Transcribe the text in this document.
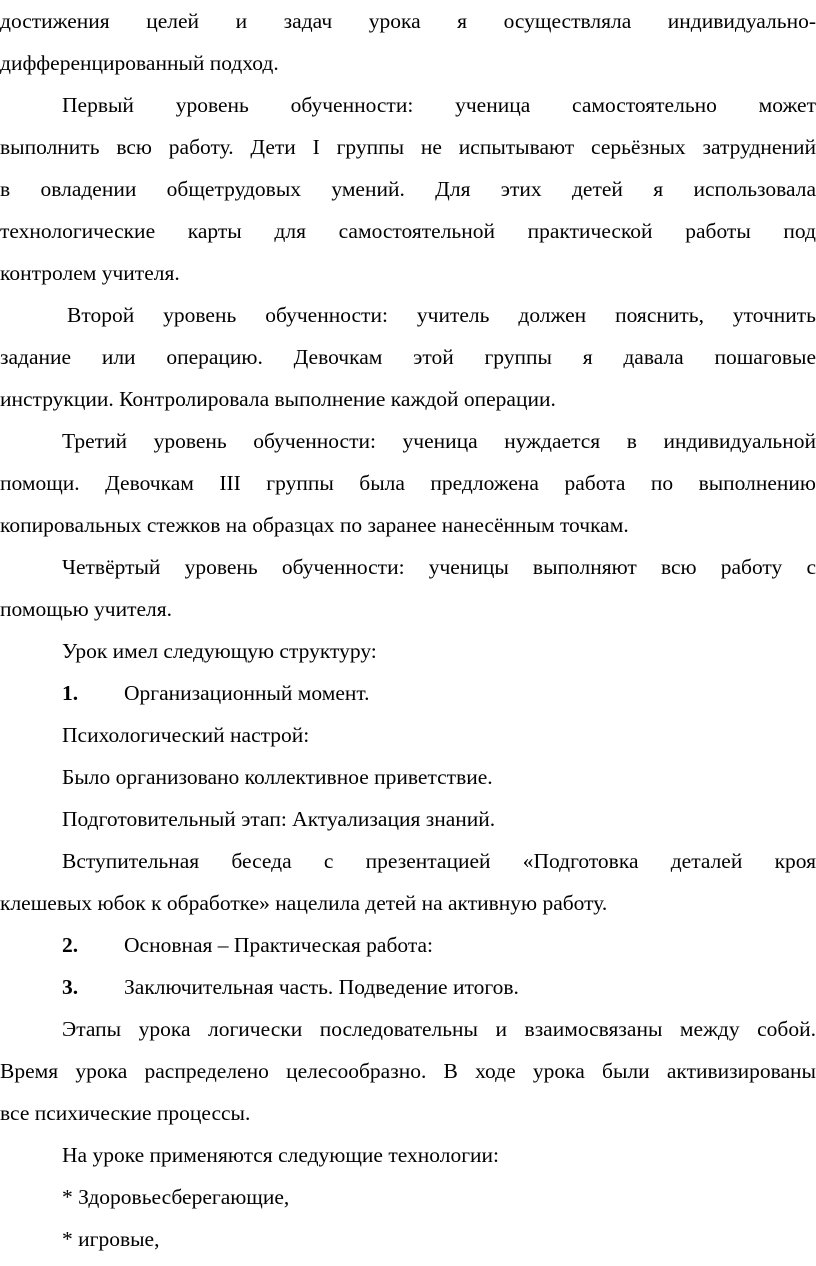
достижения целей и задач урока я осуществляла индивидуально-
дифференцированный подход.
Первый уровень обученности: ученица самостоятельно может
выполнить всю работу. Дети I группы не испытывают серьёзных затруднений
в овладении общетрудовых умений. Для этих детей я использовала
технологические карты для самостоятельной практической работы под
контролем учителя.
Второй уровень обученности: учитель должен пояснить, уточнить
задание или операцию. Девочкам этой группы я давала пошаговые
инструкции. Контролировала выполнение каждой операции.
Третий уровень обученности: ученица нуждается в индивидуальной
помощи. Девочкам III группы была предложена работа по выполнению
копировальных стежков на образцах по заранее нанесённым точкам.
Четвёртый уровень обученности: ученицы выполняют всю работу с
помощью учителя.
Урок имел следующую структуру:
1. Организационный момент.
Психологический настрой:
Было организовано коллективное приветствие.
Подготовительный этап: Актуализация знаний.
Вступительная беседа с презентацией «Подготовка деталей кроя
клешевых юбок к обработке» нацелила детей на активную работу.
2. Основная – Практическая работа:
3. Заключительная часть. Подведение итогов.
Этапы урока логически последовательны и взаимосвязаны между собой.
Время урока распределено целесообразно. В ходе урока были активизированы
все психические процессы.
На уроке применяются следующие технологии:
* Здоровьесберегающие,
* игровые,
